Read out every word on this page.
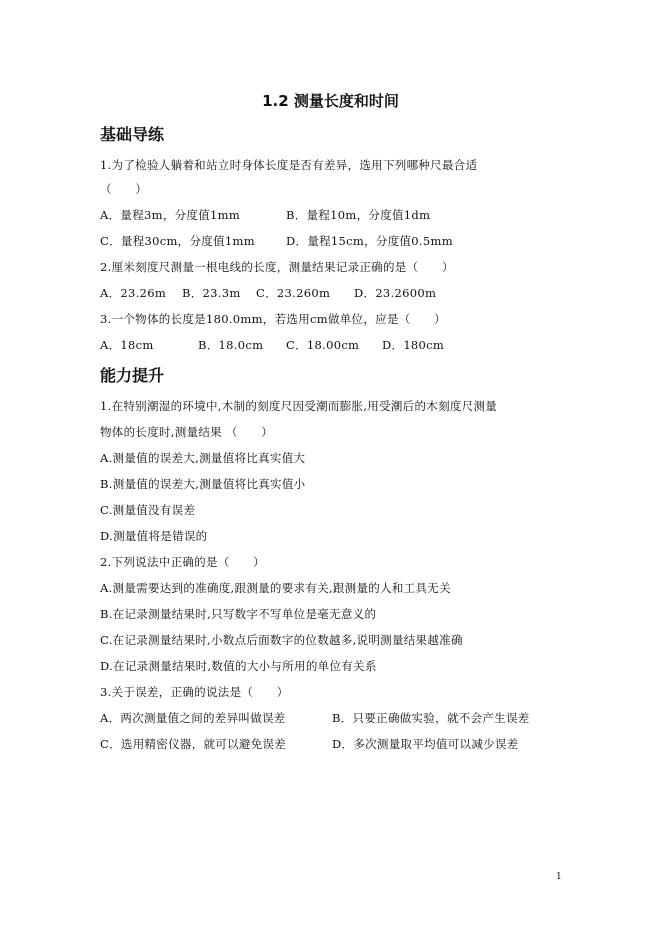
1.2 测量长度和时间
基础导练
1.为了检验人躺着和站立时身体长度是否有差异，选用下列哪种尺最合适
（　　）
A．量程3m，分度值1mm	B．量程10m，分度值1dm
C．量程30cm，分度值1mm	D．量程15cm，分度值0.5mm
2.厘米刻度尺测量一根电线的长度，测量结果记录正确的是（　　）
A．23.26m B．23.3m C．23.260m D．23.2600m
3.一个物体的长度是180.0mm，若选用cm做单位，应是（　　）
A．18cm	B．18.0cm C．18.00cm D．180cm
能力提升
1.在特别潮湿的环境中,木制的刻度尺因受潮而膨胀,用受潮后的木刻度尺测量
物体的长度时,测量结果 （　　）
A.测量值的误差大,测量值将比真实值大
B.测量值的误差大,测量值将比真实值小
C.测量值没有误差
D.测量值将是错误的
2.下列说法中正确的是（　　）
A.测量需要达到的准确度,跟测量的要求有关,跟测量的人和工具无关
B.在记录测量结果时,只写数字不写单位是毫无意义的
C.在记录测量结果时,小数点后面数字的位数越多,说明测量结果越准确
D.在记录测量结果时,数值的大小与所用的单位有关系
3.关于误差，正确的说法是（　　）
A．两次测量值之间的差异叫做误差	B．只要正确做实验，就不会产生误差
C．选用精密仪器，就可以避免误差	D．多次测量取平均值可以减少误差
1
